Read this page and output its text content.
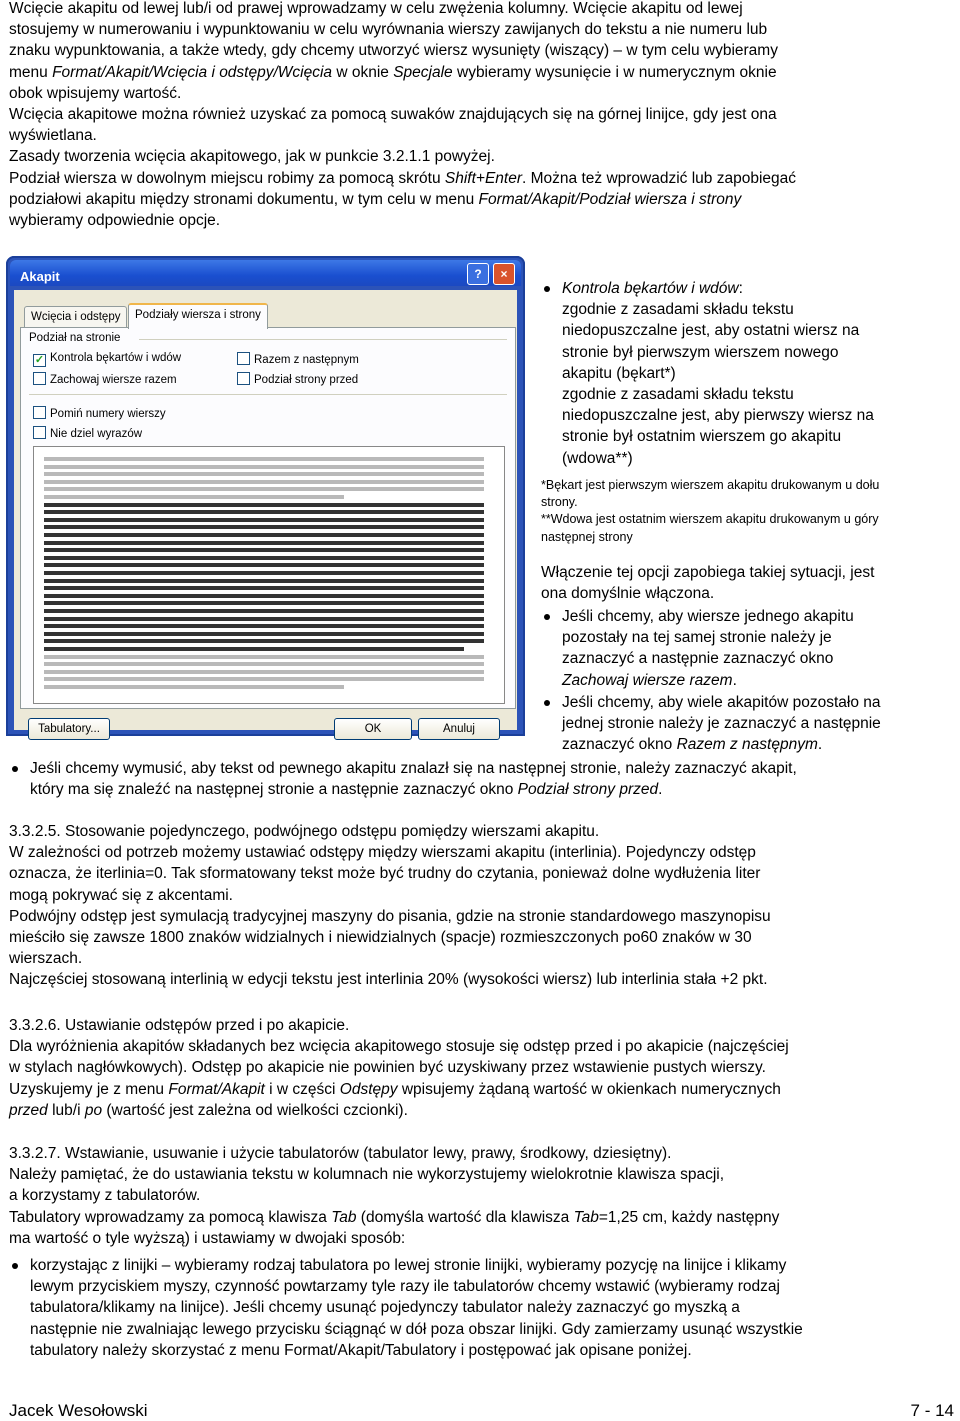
Wcięcie akapitu od lewej lub/i od prawej wprowadzamy w celu zwężenia kolumny. Wcięcie akapitu od lewej

stosujemy w numerowaniu i wypunktowaniu w celu wyrównania wierszy zawijanych do tekstu a nie numeru lub

znaku wypunktowania, a także wtedy, gdy chcemy utworzyć wiersz wysunięty (wiszący) – w tym celu wybieramy

menu Format/Akapit/Wcięcia i odstępy/Wcięcia w oknie Specjale wybieramy wysunięcie i w numerycznym oknie

obok wpisujemy wartość.

Wcięcia akapitowe można również uzyskać za pomocą suwaków znajdujących się na górnej linijce, gdy jest ona

wyświetlana.

Zasady tworzenia wcięcia akapitowego, jak w punkcie 3.2.1.1 powyżej.

Podział wiersza w dowolnym miejscu robimy za pomocą skrótu Shift+Enter. Można też wprowadzić lub zapobiegać

podziałowi akapitu między stronami dokumentu, w tym celu w menu Format/Akapit/Podział wiersza i strony

wybieramy odpowiednie opcje.

Akapit	?	×
Wcięcia i odstępy	Podziały wiersza i strony
Podział na stronie
✓ Kontrola bękartów i wdów	Razem z następnym
Zachowaj wiersze razem	Podział strony przed
Pomiń numery wierszy
Nie dziel wyrazów
Tabulatory...	OK	Anuluj

Kontrola bękartów i wdów:

zgodnie z zasadami składu tekstu

niedopuszczalne jest, aby ostatni wiersz na

stronie był pierwszym wierszem nowego

akapitu (bękart*)

zgodnie z zasadami składu tekstu

niedopuszczalne jest, aby pierwszy wiersz na

stronie był ostatnim wierszem go akapitu

(wdowa**)

*Bękart jest pierwszym wierszem akapitu drukowanym u dołu

strony.

**Wdowa jest ostatnim wierszem akapitu drukowanym u góry

następnej strony

Włączenie tej opcji zapobiega takiej sytuacji, jest

ona domyślnie włączona.

Jeśli chcemy, aby wiersze jednego akapitu

pozostały na tej samej stronie należy je

zaznaczyć a następnie zaznaczyć okno

Zachowaj wiersze razem.

Jeśli chcemy, aby wiele akapitów pozostało na

jednej stronie należy je zaznaczyć a następnie

zaznaczyć okno Razem z następnym.

Jeśli chcemy wymusić, aby tekst od pewnego akapitu znalazł się na następnej stronie, należy zaznaczyć akapit,

który ma się znaleźć na następnej stronie a następnie zaznaczyć okno Podział strony przed.

3.3.2.5. Stosowanie pojedynczego, podwójnego odstępu pomiędzy wierszami akapitu.

W zależności od potrzeb możemy ustawiać odstępy między wierszami akapitu (interlinia). Pojedynczy odstęp

oznacza, że iterlinia=0. Tak sformatowany tekst może być trudny do czytania, ponieważ dolne wydłużenia liter

mogą pokrywać się z akcentami.

Podwójny odstęp jest symulacją tradycyjnej maszyny do pisania, gdzie na stronie standardowego maszynopisu

mieściło się zawsze 1800 znaków widzialnych i niewidzialnych (spacje) rozmieszczonych po60 znaków w 30

wierszach.

Najczęściej stosowaną interlinią w edycji tekstu jest interlinia 20% (wysokości wiersz) lub interlinia stała +2 pkt.

3.3.2.6. Ustawianie odstępów przed i po akapicie.

Dla wyróżnienia akapitów składanych bez wcięcia akapitowego stosuje się odstęp przed i po akapicie (najczęściej

w stylach nagłówkowych). Odstęp po akapicie nie powinien być uzyskiwany przez wstawienie pustych wierszy.

Uzyskujemy je z menu Format/Akapit i w części Odstępy wpisujemy żądaną wartość w okienkach numerycznych

przed lub/i po (wartość jest zależna od wielkości czcionki).

3.3.2.7. Wstawianie, usuwanie i użycie tabulatorów (tabulator lewy, prawy, środkowy, dziesiętny).

Należy pamiętać, że do ustawiania tekstu w kolumnach nie wykorzystujemy wielokrotnie klawisza spacji,

a korzystamy z tabulatorów.

Tabulatory wprowadzamy za pomocą klawisza Tab (domyśla wartość dla klawisza Tab=1,25 cm, każdy następny

ma wartość o tyle wyższą) i ustawiamy w dwojaki sposób:

korzystając z linijki – wybieramy rodzaj tabulatora po lewej stronie linijki, wybieramy pozycję na linijce i klikamy

lewym przyciskiem myszy, czynność powtarzamy tyle razy ile tabulatorów chcemy wstawić (wybieramy rodzaj

tabulatora/klikamy na linijce). Jeśli chcemy usunąć pojedynczy tabulator należy zaznaczyć go myszką a

następnie nie zwalniając lewego przycisku ściągnąć w dół poza obszar linijki. Gdy zamierzamy usunąć wszystkie

tabulatory należy skorzystać z menu Format/Akapit/Tabulatory i postępować jak opisane poniżej.

Jacek Wesołowski	7 - 14
